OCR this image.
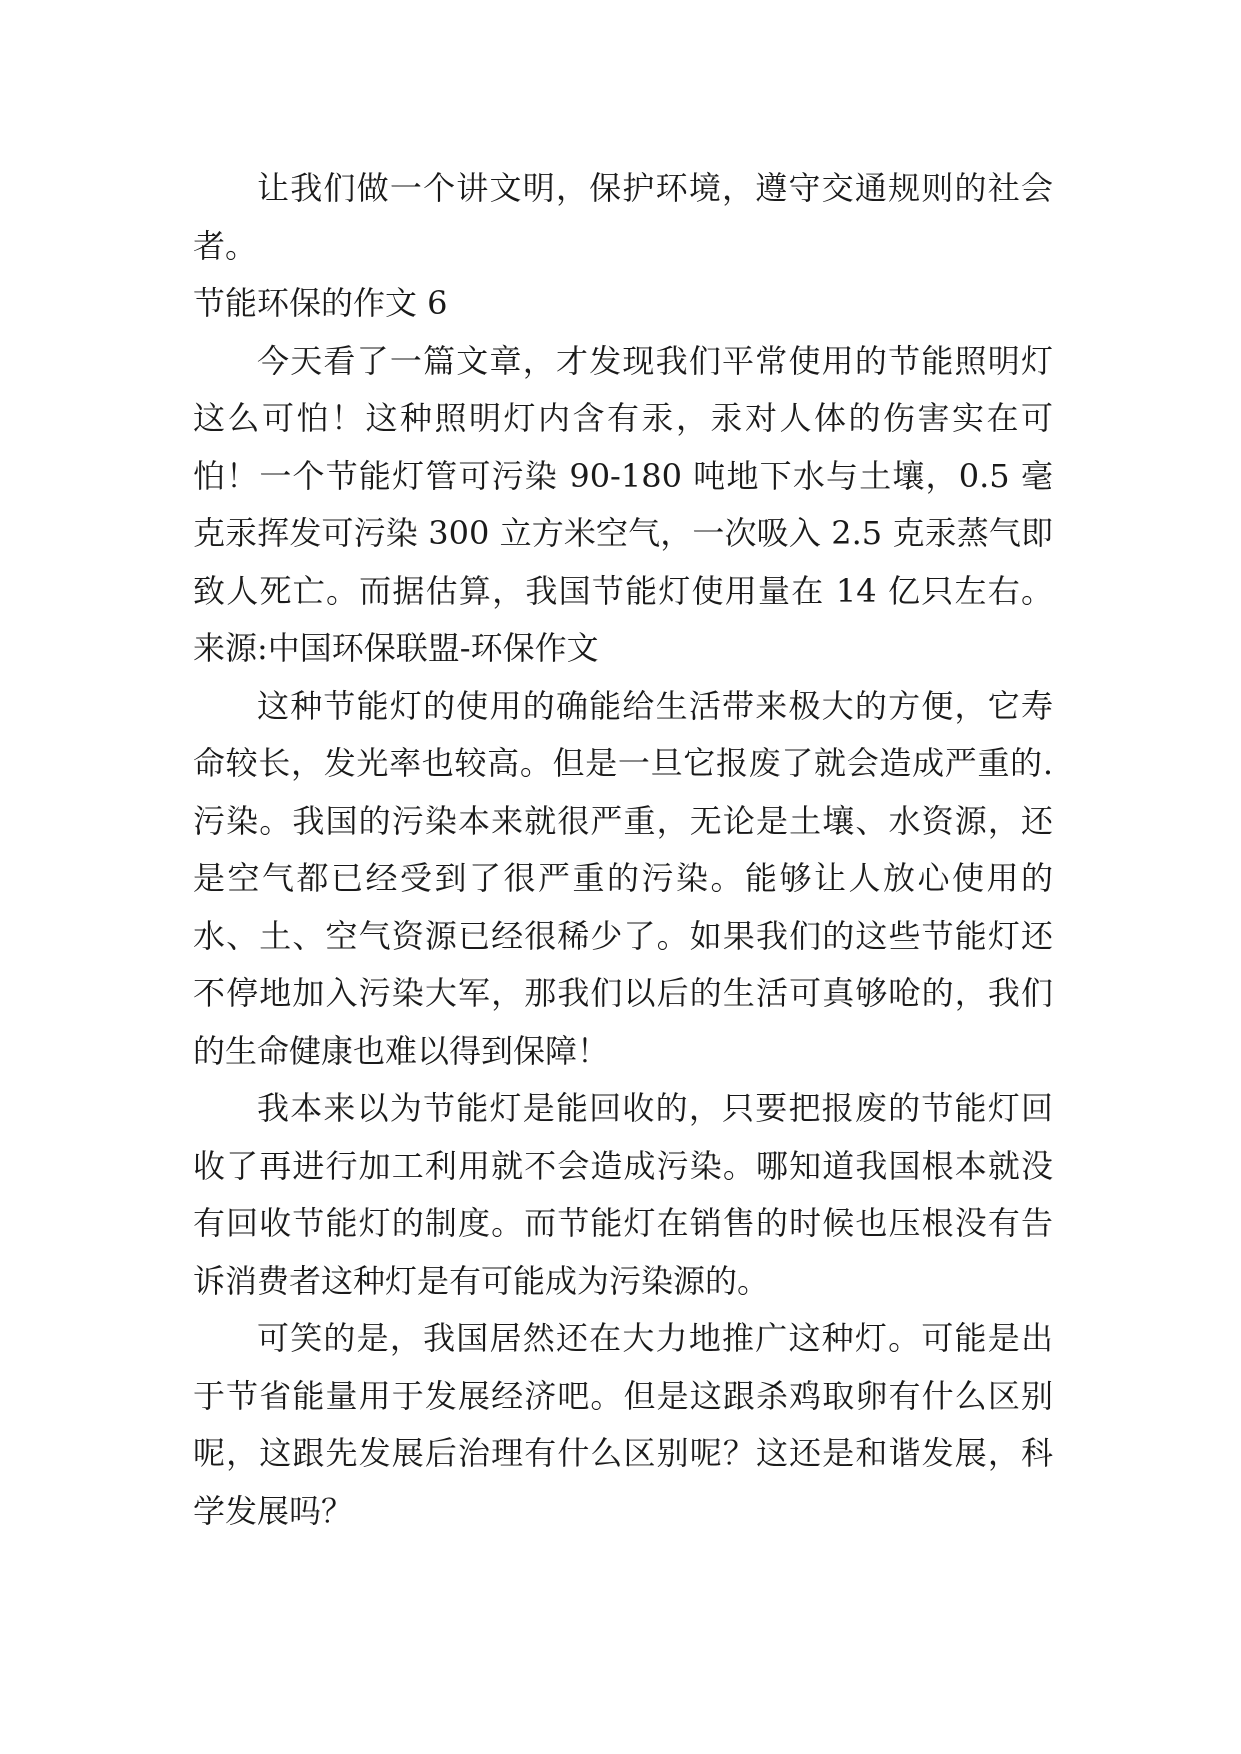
让我们做一个讲文明，保护环境，遵守交通规则的社会者。

节能环保的作文 6

今天看了一篇文章，才发现我们平常使用的节能照明灯这么可怕！这种照明灯内含有汞，汞对人体的伤害实在可怕！一个节能灯管可污染 90-180 吨地下水与土壤，0.5 毫克汞挥发可污染 300 立方米空气，一次吸入 2.5 克汞蒸气即致人死亡。而据估算，我国节能灯使用量在 14 亿只左右。来源:中国环保联盟-环保作文

这种节能灯的使用的确能给生活带来极大的方便，它寿命较长，发光率也较高。但是一旦它报废了就会造成严重的.污染。我国的污染本来就很严重，无论是土壤、水资源，还是空气都已经受到了很严重的污染。能够让人放心使用的水、土、空气资源已经很稀少了。如果我们的这些节能灯还不停地加入污染大军，那我们以后的生活可真够呛的，我们的生命健康也难以得到保障！

我本来以为节能灯是能回收的，只要把报废的节能灯回收了再进行加工利用就不会造成污染。哪知道我国根本就没有回收节能灯的制度。而节能灯在销售的时候也压根没有告诉消费者这种灯是有可能成为污染源的。

可笑的是，我国居然还在大力地推广这种灯。可能是出于节省能量用于发展经济吧。但是这跟杀鸡取卵有什么区别呢，这跟先发展后治理有什么区别呢？这还是和谐发展，科学发展吗？
